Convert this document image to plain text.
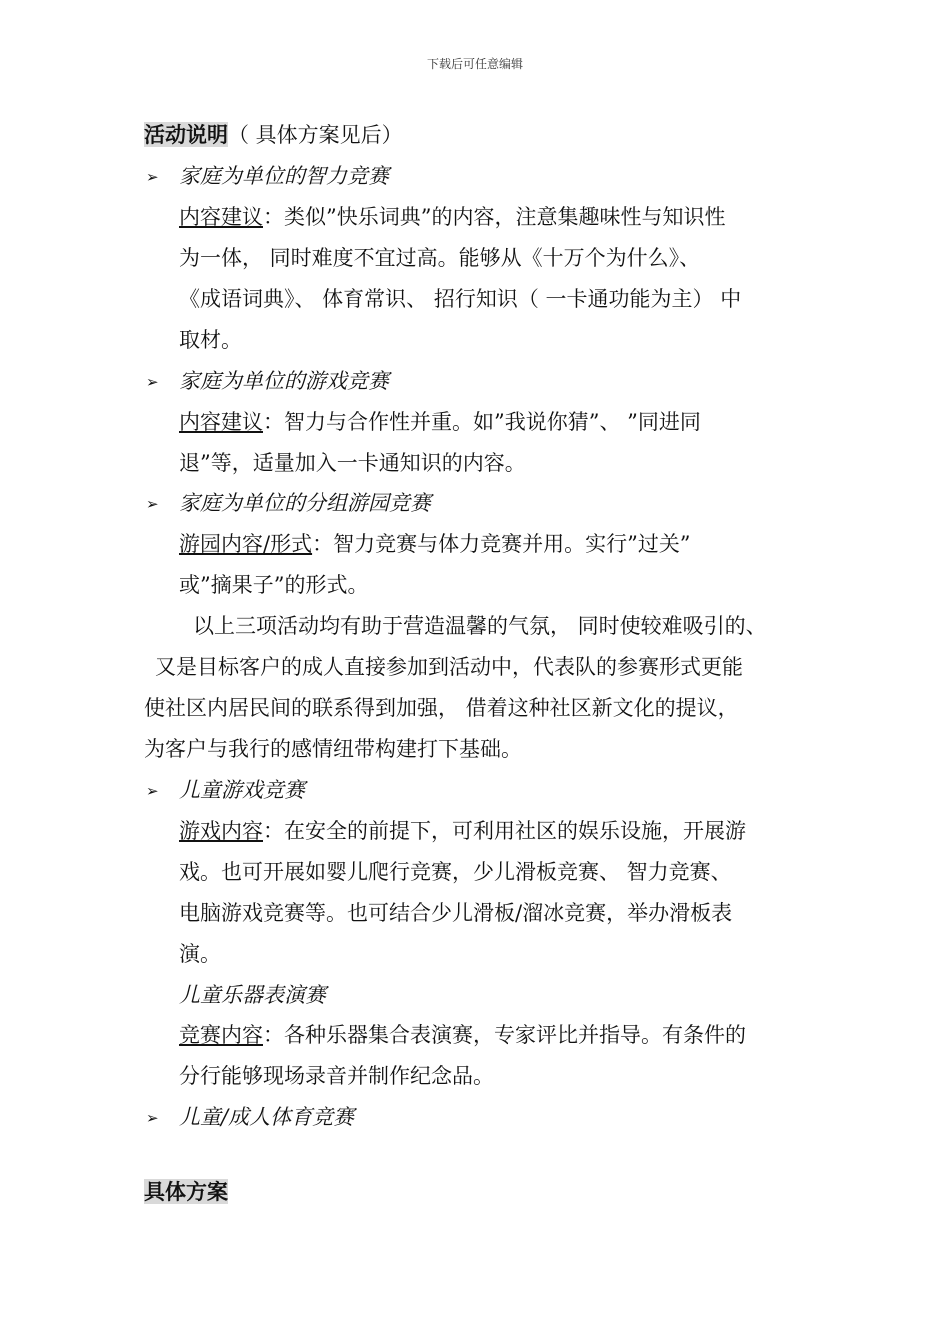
下载后可任意编辑
活动说明（ 具体方案见后）
➢ 家庭为单位的智力竞赛
内容建议：类似”快乐词典”的内容，注意集趣味性与知识性
为一体， 同时难度不宜过高。能够从《十万个为什么》、
《成语词典》、 体育常识、 招行知识（ 一卡通功能为主） 中
取材。
➢ 家庭为单位的游戏竞赛
内容建议：智力与合作性并重。如”我说你猜”、 ”同进同
退”等，适量加入一卡通知识的内容。
➢ 家庭为单位的分组游园竞赛
游园内容/形式：智力竞赛与体力竞赛并用。实行”过关”
或”摘果子”的形式。
以上三项活动均有助于营造温馨的气氛， 同时使较难吸引的、
又是目标客户的成人直接参加到活动中，代表队的参赛形式更能
使社区内居民间的联系得到加强， 借着这种社区新文化的提议，
为客户与我行的感情纽带构建打下基础。
➢ 儿童游戏竞赛
游戏内容：在安全的前提下，可利用社区的娱乐设施，开展游
戏。也可开展如婴儿爬行竞赛，少儿滑板竞赛、 智力竞赛、
电脑游戏竞赛等。也可结合少儿滑板/溜冰竞赛，举办滑板表
演。
儿童乐器表演赛
竞赛内容：各种乐器集合表演赛，专家评比并指导。有条件的
分行能够现场录音并制作纪念品。
➢ 儿童/成人体育竞赛
具体方案
